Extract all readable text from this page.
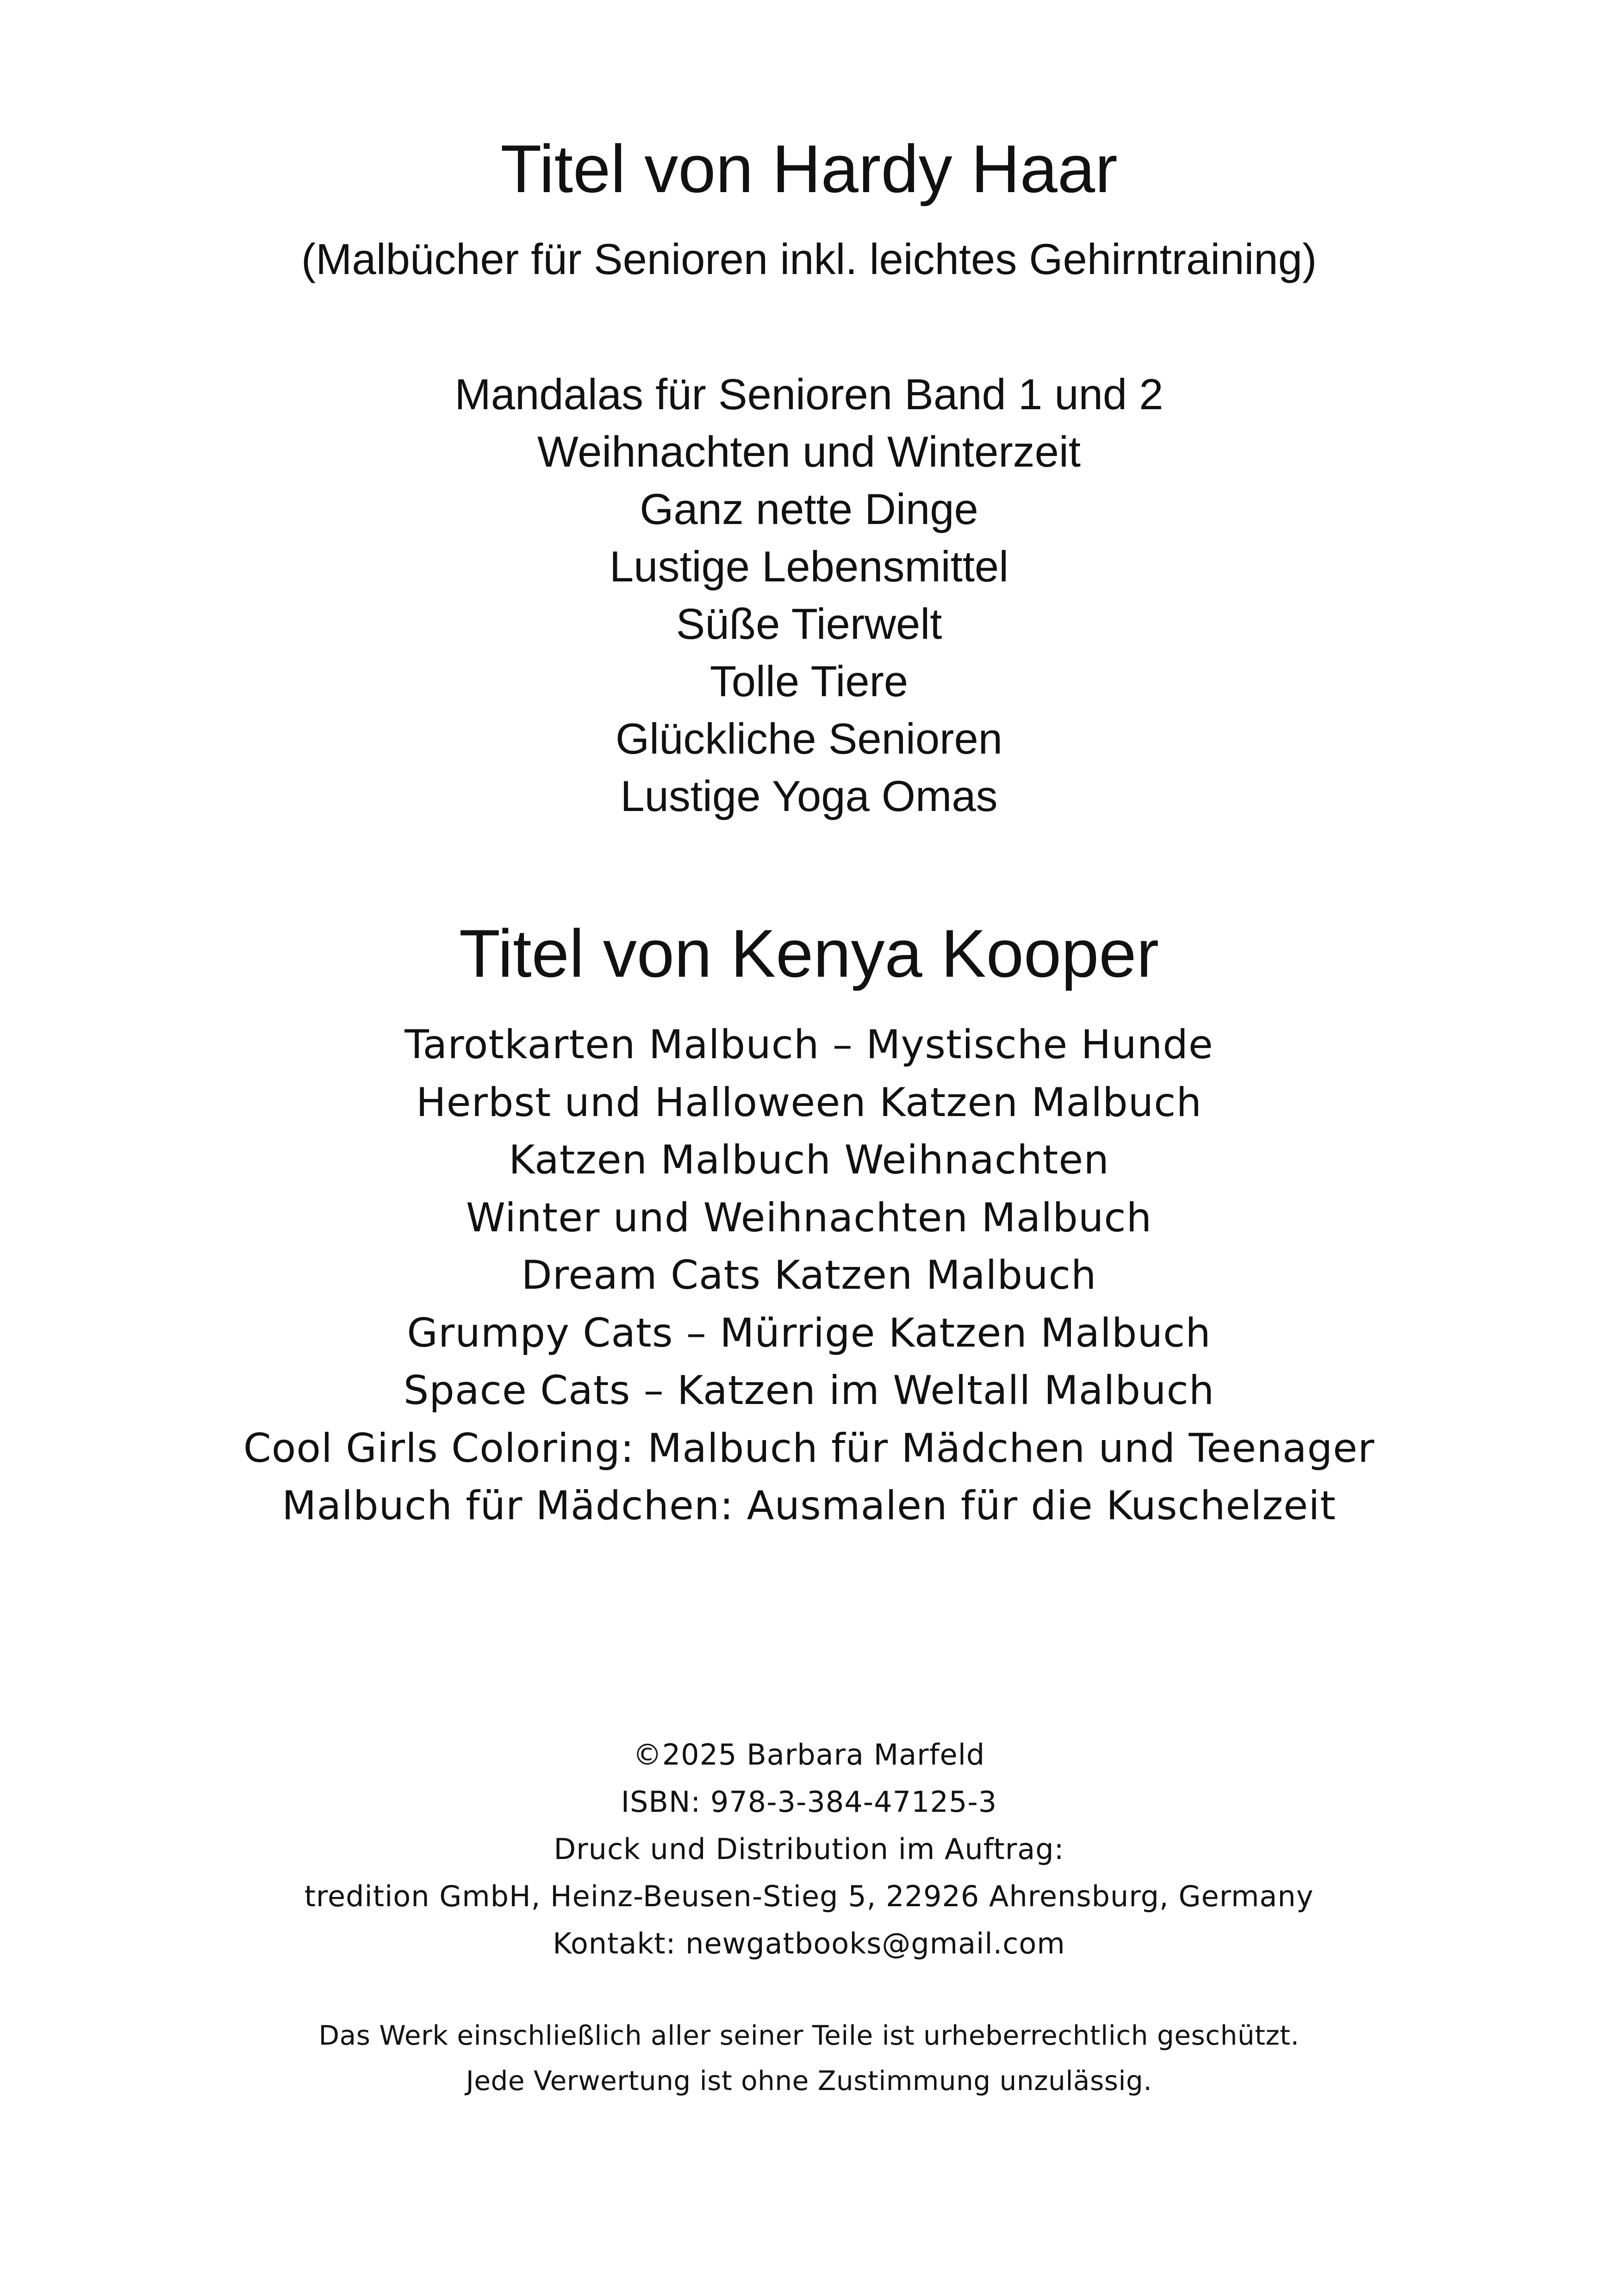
Titel von Hardy Haar

(Malbücher für Senioren inkl. leichtes Gehirntraining)

Mandalas für Senioren Band 1 und 2
Weihnachten und Winterzeit
Ganz nette Dinge
Lustige Lebensmittel
Süße Tierwelt
Tolle Tiere
Glückliche Senioren
Lustige Yoga Omas
Titel von Kenya Kooper
Tarotkarten Malbuch – Mystische Hunde
Herbst und Halloween Katzen Malbuch
Katzen Malbuch Weihnachten
Winter und Weihnachten Malbuch
Dream Cats Katzen Malbuch
Grumpy Cats – Mürrige Katzen Malbuch
Space Cats – Katzen im Weltall Malbuch
Cool Girls Coloring: Malbuch für Mädchen und Teenager
Malbuch für Mädchen: Ausmalen für die Kuschelzeit

©2025 Barbara Marfeld

ISBN: 978-3-384-47125-3

Druck und Distribution im Auftrag:

tredition GmbH, Heinz-Beusen-Stieg 5, 22926 Ahrensburg, Germany

Kontakt: newgatbooks@gmail.com

Das Werk einschließlich aller seiner Teile ist urheberrechtlich geschützt.

Jede Verwertung ist ohne Zustimmung unzulässig.
